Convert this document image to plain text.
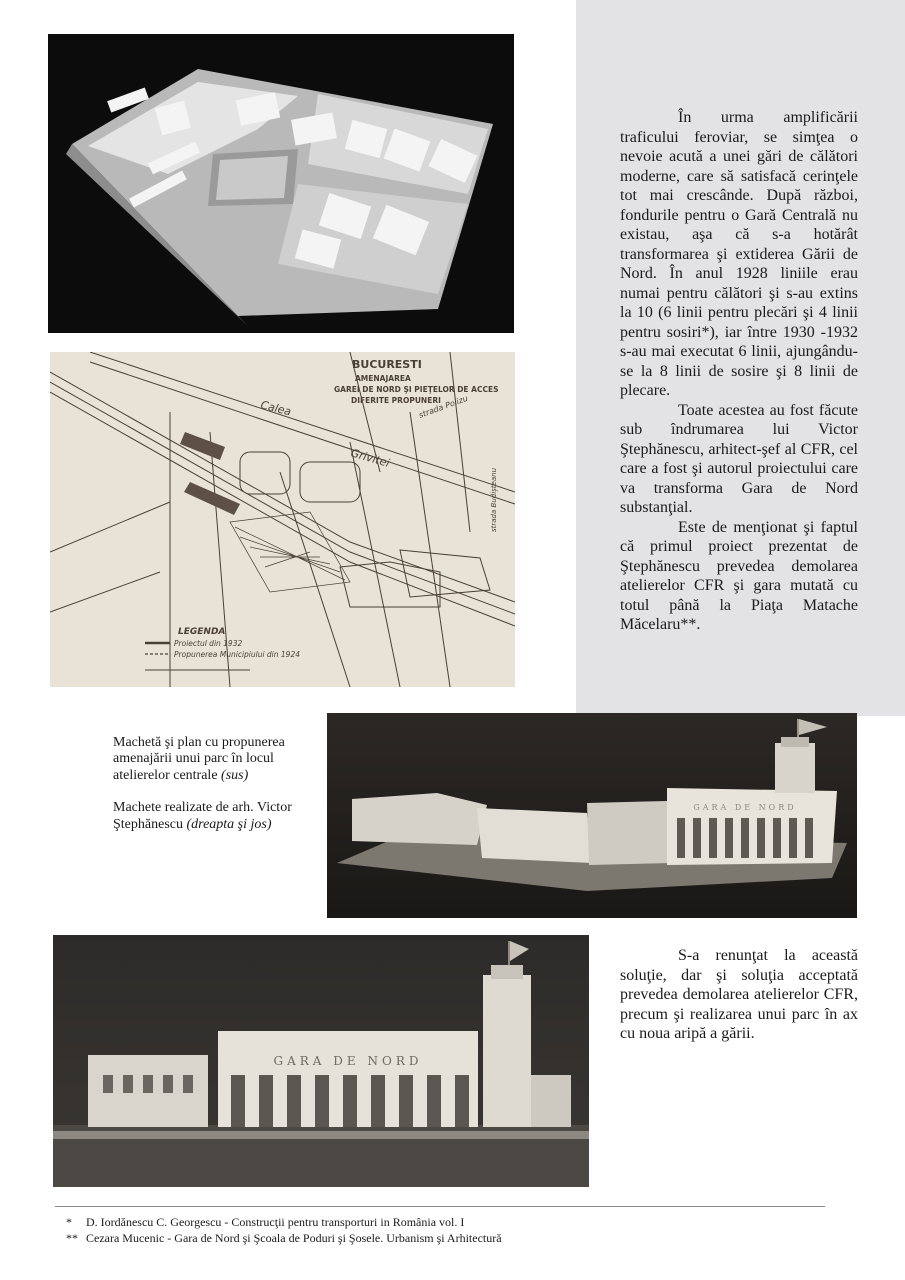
BUCURESTI
AMENAJAREA
GAREI DE NORD ŞI PIEŢELOR DE ACCES
DIFERITE PROPUNERI
Calea
Grivitei
strada Polizu
strada Budişteanu
LEGENDA
Proiectul din 1932
Propunerea Municipiului din 1924
GARA DE NORD
GARA DE NORD

În urma amplificării traficului feroviar, se simţea o nevoie acută a unei gări de călători moderne, care să satisfacă cerinţele tot mai crescânde. După război, fondurile pentru o Gară Centrală nu existau, aşa că s-a hotărât transformarea şi extiderea Gării de Nord. În anul 1928 liniile erau numai pentru călători şi s-au extins la 10 (6 linii pentru plecări şi 4 linii pentru sosiri*), iar între 1930 -1932 s-au mai executat 6 linii, ajungându-se la 8 linii de sosire şi 8 linii de plecare.

Toate acestea au fost făcute sub îndrumarea lui Victor Ştephănescu, arhitect-şef al CFR, cel care a fost şi autorul proiectului care va transforma Gara de Nord substanţial.

Este de menţionat şi faptul că primul proiect prezentat de Ştephănescu prevedea demolarea atelierelor CFR şi gara mutată cu totul până la Piaţa Matache Măcelaru**.

S-a renunţat la această soluţie, dar şi soluţia acceptată prevedea demolarea atelierelor CFR, precum şi realizarea unui parc în ax cu noua aripă a gării.

Machetă şi plan cu propunerea amenajării unui parc în locul atelierelor centrale (sus)

Machete realizate de arh. Victor Ştephănescu (dreapta şi jos)

* D. Iordănescu C. Georgescu - Construcţii pentru transporturi in România vol. I
** Cezara Mucenic - Gara de Nord şi Şcoala de Poduri şi Şosele. Urbanism şi Arhitectură
